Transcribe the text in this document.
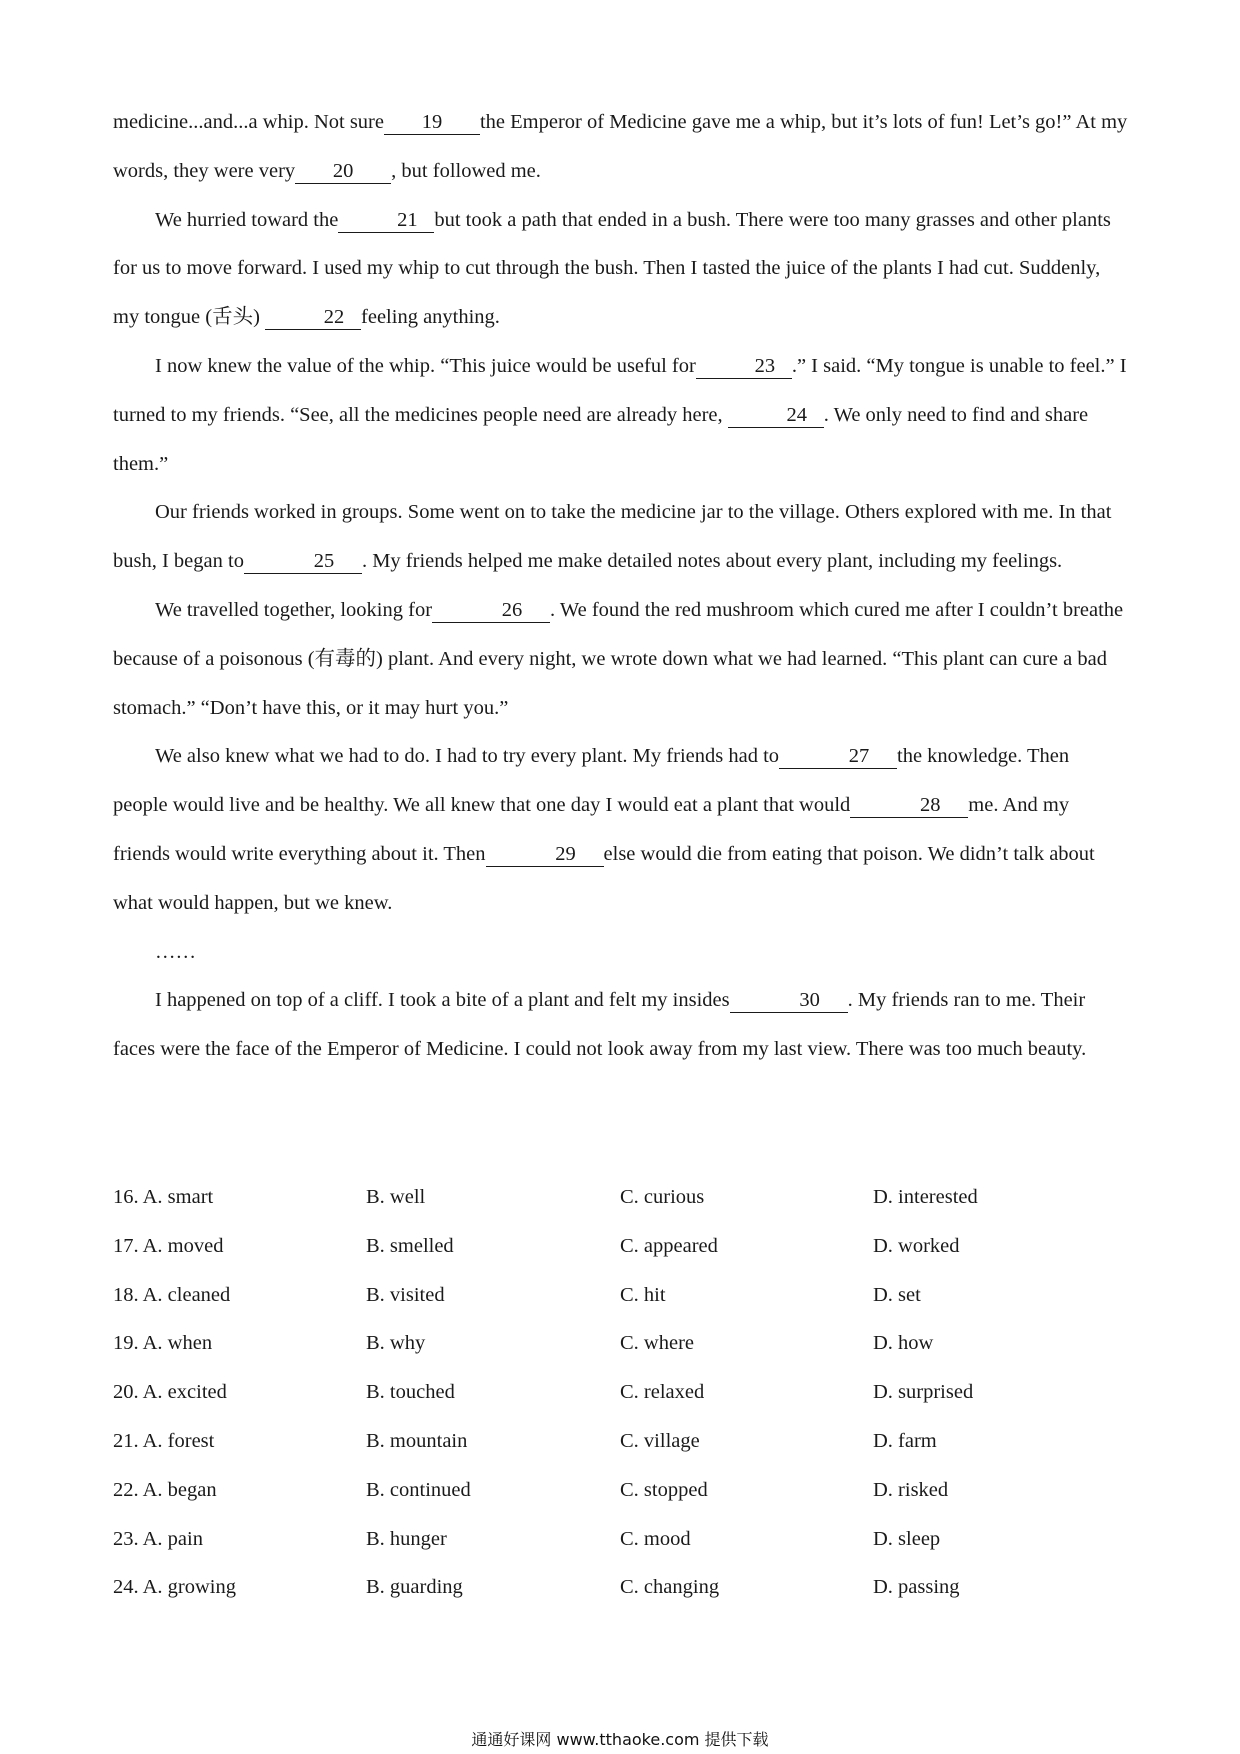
medicine...and...a whip. Not sure 19 the Emperor of Medicine gave me a whip, but it’s lots of fun! Let’s go!” At my words, they were very 20 , but followed me.

We hurried toward the	21 but took a path that ended in a bush. There were too many grasses and other plants for us to move forward. I used my whip to cut through the bush. Then I tasted the juice of the plants I had cut. Suddenly, my tongue (舌头)	22 feeling anything.

I now knew the value of the whip. “This juice would be useful for	23 .” I said. “My tongue is unable to feel.” I turned to my friends. “See, all the medicines people need are already here,	24 . We only need to find and share them.”

Our friends worked in groups. Some went on to take the medicine jar to the village. Others explored with me. In that bush, I began to	25 . My friends helped me make detailed notes about every plant, including my feelings.

We travelled together, looking for	26 . We found the red mushroom which cured me after I couldn’t breathe because of a poisonous (有毒的) plant. And every night, we wrote down what we had learned. “This plant can cure a bad stomach.” “Don’t have this, or it may hurt you.”

We also knew what we had to do. I had to try every plant. My friends had to	27 the knowledge. Then people would live and be healthy. We all knew that one day I would eat a plant that would	28 me. And my friends would write everything about it. Then	29 else would die from eating that poison. We didn’t talk about what would happen, but we knew.

……

I happened on top of a cliff. I took a bite of a plant and felt my insides	30 . My friends ran to me. Their faces were the face of the Emperor of Medicine. I could not look away from my last view. There was too much beauty.

16. A. smart	B. well	C. curious	D. interested
17. A. moved	B. smelled	C. appeared	D. worked
18. A. cleaned	B. visited	C. hit	D. set
19. A. when	B. why	C. where	D. how
20. A. excited	B. touched	C. relaxed	D. surprised
21. A. forest	B. mountain	C. village	D. farm
22. A. began	B. continued	C. stopped	D. risked
23. A. pain	B. hunger	C. mood	D. sleep
24. A. growing	B. guarding	C. changing	D. passing
通通好课网 www.tthaoke.com 提供下载
